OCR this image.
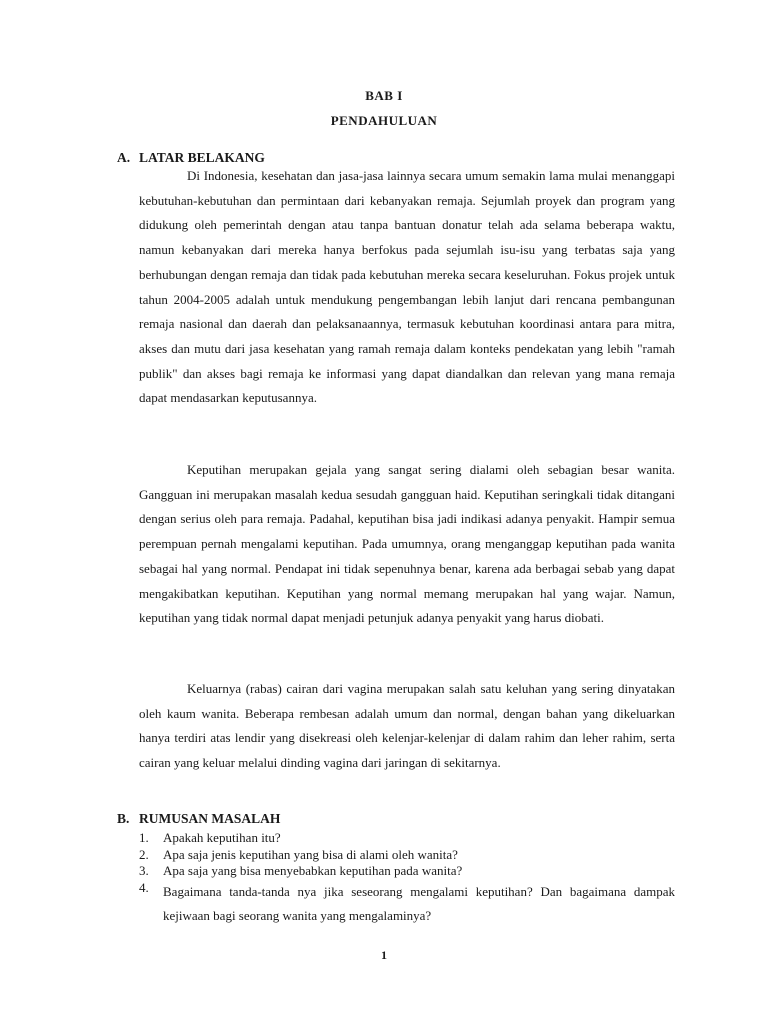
BAB I
PENDAHULUAN
A. LATAR BELAKANG

Di Indonesia, kesehatan dan jasa-jasa lainnya secara umum semakin lama mulai menanggapi kebutuhan-kebutuhan dan permintaan dari kebanyakan remaja. Sejumlah proyek dan program yang didukung oleh pemerintah dengan atau tanpa bantuan donatur telah ada selama beberapa waktu, namun kebanyakan dari mereka hanya berfokus pada sejumlah isu-isu yang terbatas saja yang berhubungan dengan remaja dan tidak pada kebutuhan mereka secara keseluruhan. Fokus projek untuk tahun 2004-2005 adalah untuk mendukung pengembangan lebih lanjut dari rencana pembangunan remaja nasional dan daerah dan pelaksanaannya, termasuk kebutuhan koordinasi antara para mitra, akses dan mutu dari jasa kesehatan yang ramah remaja dalam konteks pendekatan yang lebih "ramah publik" dan akses bagi remaja ke informasi yang dapat diandalkan dan relevan yang mana remaja dapat mendasarkan keputusannya.

Keputihan merupakan gejala yang sangat sering dialami oleh sebagian besar wanita. Gangguan ini merupakan masalah kedua sesudah gangguan haid. Keputihan seringkali tidak ditangani dengan serius oleh para remaja. Padahal, keputihan bisa jadi indikasi adanya penyakit. Hampir semua perempuan pernah mengalami keputihan. Pada umumnya, orang menganggap keputihan pada wanita sebagai hal yang normal. Pendapat ini tidak sepenuhnya benar, karena ada berbagai sebab yang dapat mengakibatkan keputihan. Keputihan yang normal memang merupakan hal yang wajar. Namun, keputihan yang tidak normal dapat menjadi petunjuk adanya penyakit yang harus diobati.

Keluarnya (rabas) cairan dari vagina merupakan salah satu keluhan yang sering dinyatakan oleh kaum wanita. Beberapa rembesan adalah umum dan normal, dengan bahan yang dikeluarkan hanya terdiri atas lendir yang disekreasi oleh kelenjar-kelenjar di dalam rahim dan leher rahim, serta cairan yang keluar melalui dinding vagina dari jaringan di sekitarnya.

B. RUMUSAN MASALAH
1.	Apakah keputihan itu?
2.	Apa saja jenis keputihan yang bisa di alami oleh wanita?
3.	Apa saja yang bisa menyebabkan keputihan pada wanita?
4.	Bagaimana tanda-tanda nya jika seseorang mengalami keputihan? Dan bagaimana dampak kejiwaan bagi seorang wanita yang mengalaminya?
1
